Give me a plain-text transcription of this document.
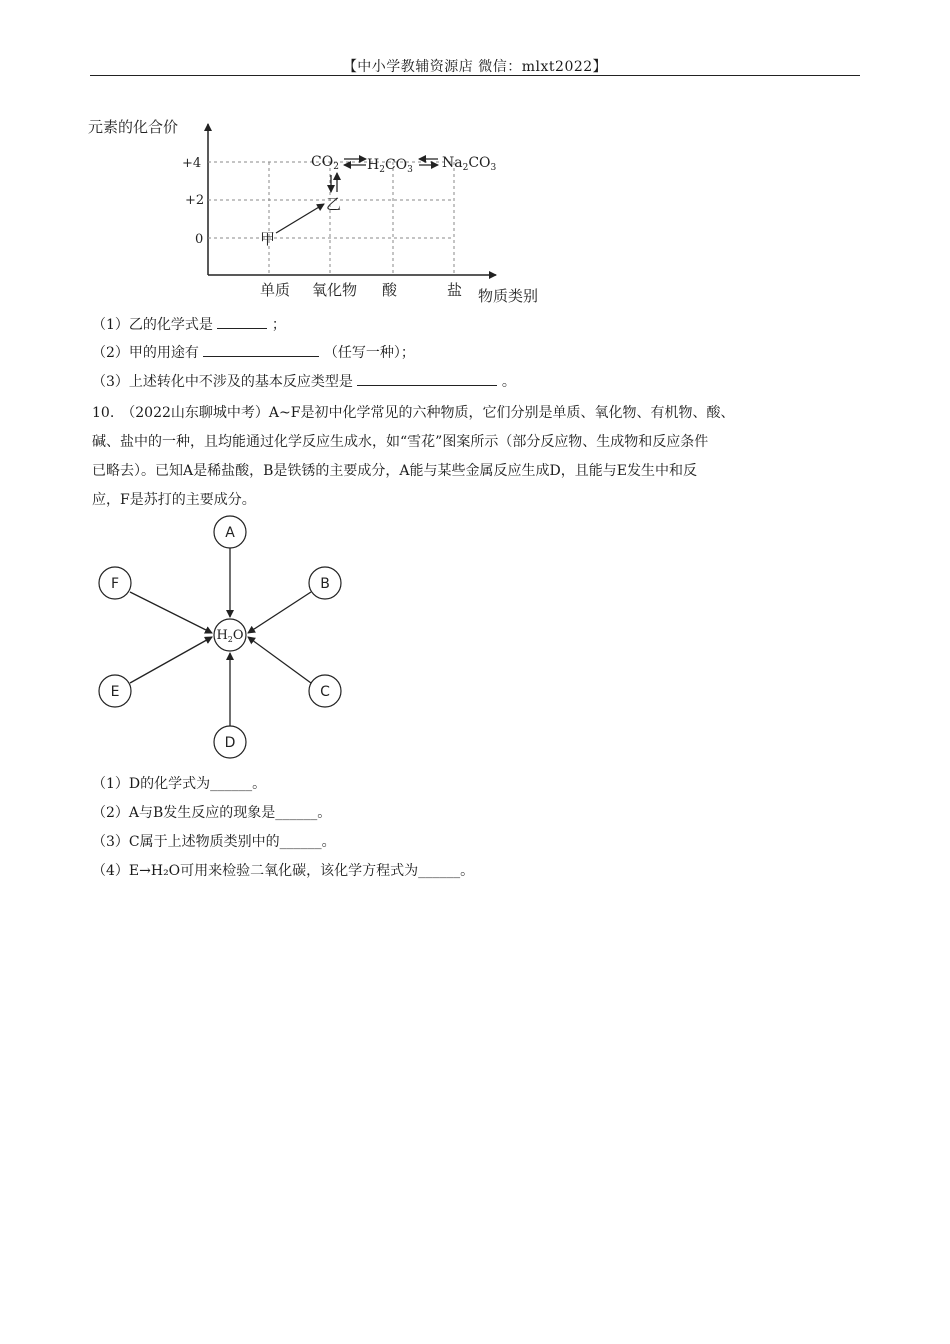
【中小学教辅资源店 微信：mlxt2022】
元素的化合价
+4
+2
0
单质 氧化物 酸	盐 物质类别
甲
乙
$CO_2$ $H_2CO_3$ $Na_2CO_3$
（1）乙的化学式是	；
（2）甲的用途有	（任写一种）；
（3）上述转化中不涉及的基本反应类型是	。
10.　（2022山东聊城中考）A~F是初中化学常见的六种物质，它们分别是单质、氧化物、有机物、酸、
碱、盐中的一种，且均能通过化学反应生成水，如“雪花”图案所示（部分反应物、生成物和反应条件
已略去）。已知A是稀盐酸，B是铁锈的主要成分，A能与某些金属反应生成D，且能与E发生中和反
应，F是苏打的主要成分。
A
B
C
D
E
F
$H_2O$
（1）D的化学式为______。
（2）A与B发生反应的现象是______。
（3）C属于上述物质类别中的______。
（4）E→H₂O可用来检验二氧化碳，该化学方程式为______。
